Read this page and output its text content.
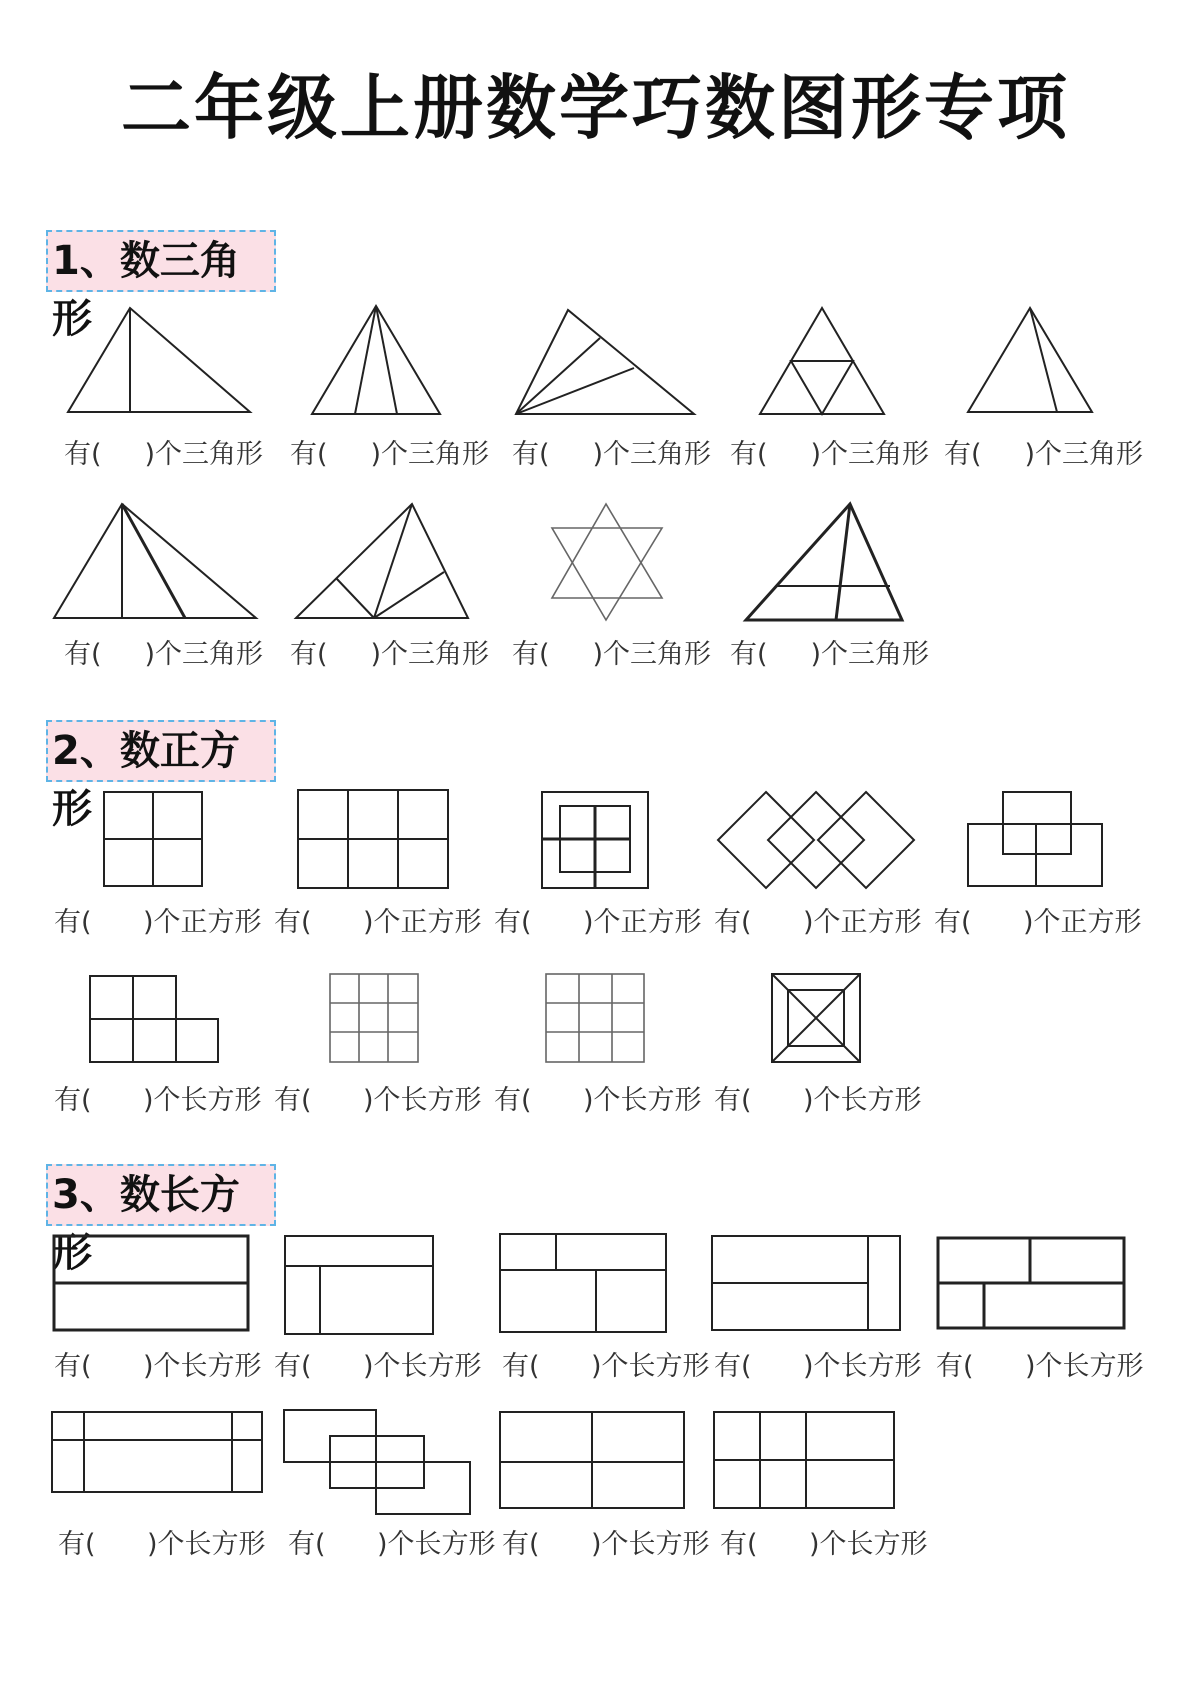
二年级上册数学巧数图形专项
1、数三角形
2、数正方形
3、数长方形
有(     )个三角形 有(     )个三角形 有(     )个三角形 有(     )个三角形 有(     )个三角形
有(     )个三角形 有(     )个三角形 有(     )个三角形 有(     )个三角形
有(      )个正方形 有(      )个正方形 有(      )个正方形 有(      )个正方形 有(      )个正方形
有(      )个长方形 有(      )个长方形 有(      )个长方形 有(      )个长方形
有(      )个长方形 有(      )个长方形 有(      )个长方形 有(      )个长方形 有(      )个长方形
有(      )个长方形 有(      )个长方形 有(      )个长方形 有(      )个长方形
